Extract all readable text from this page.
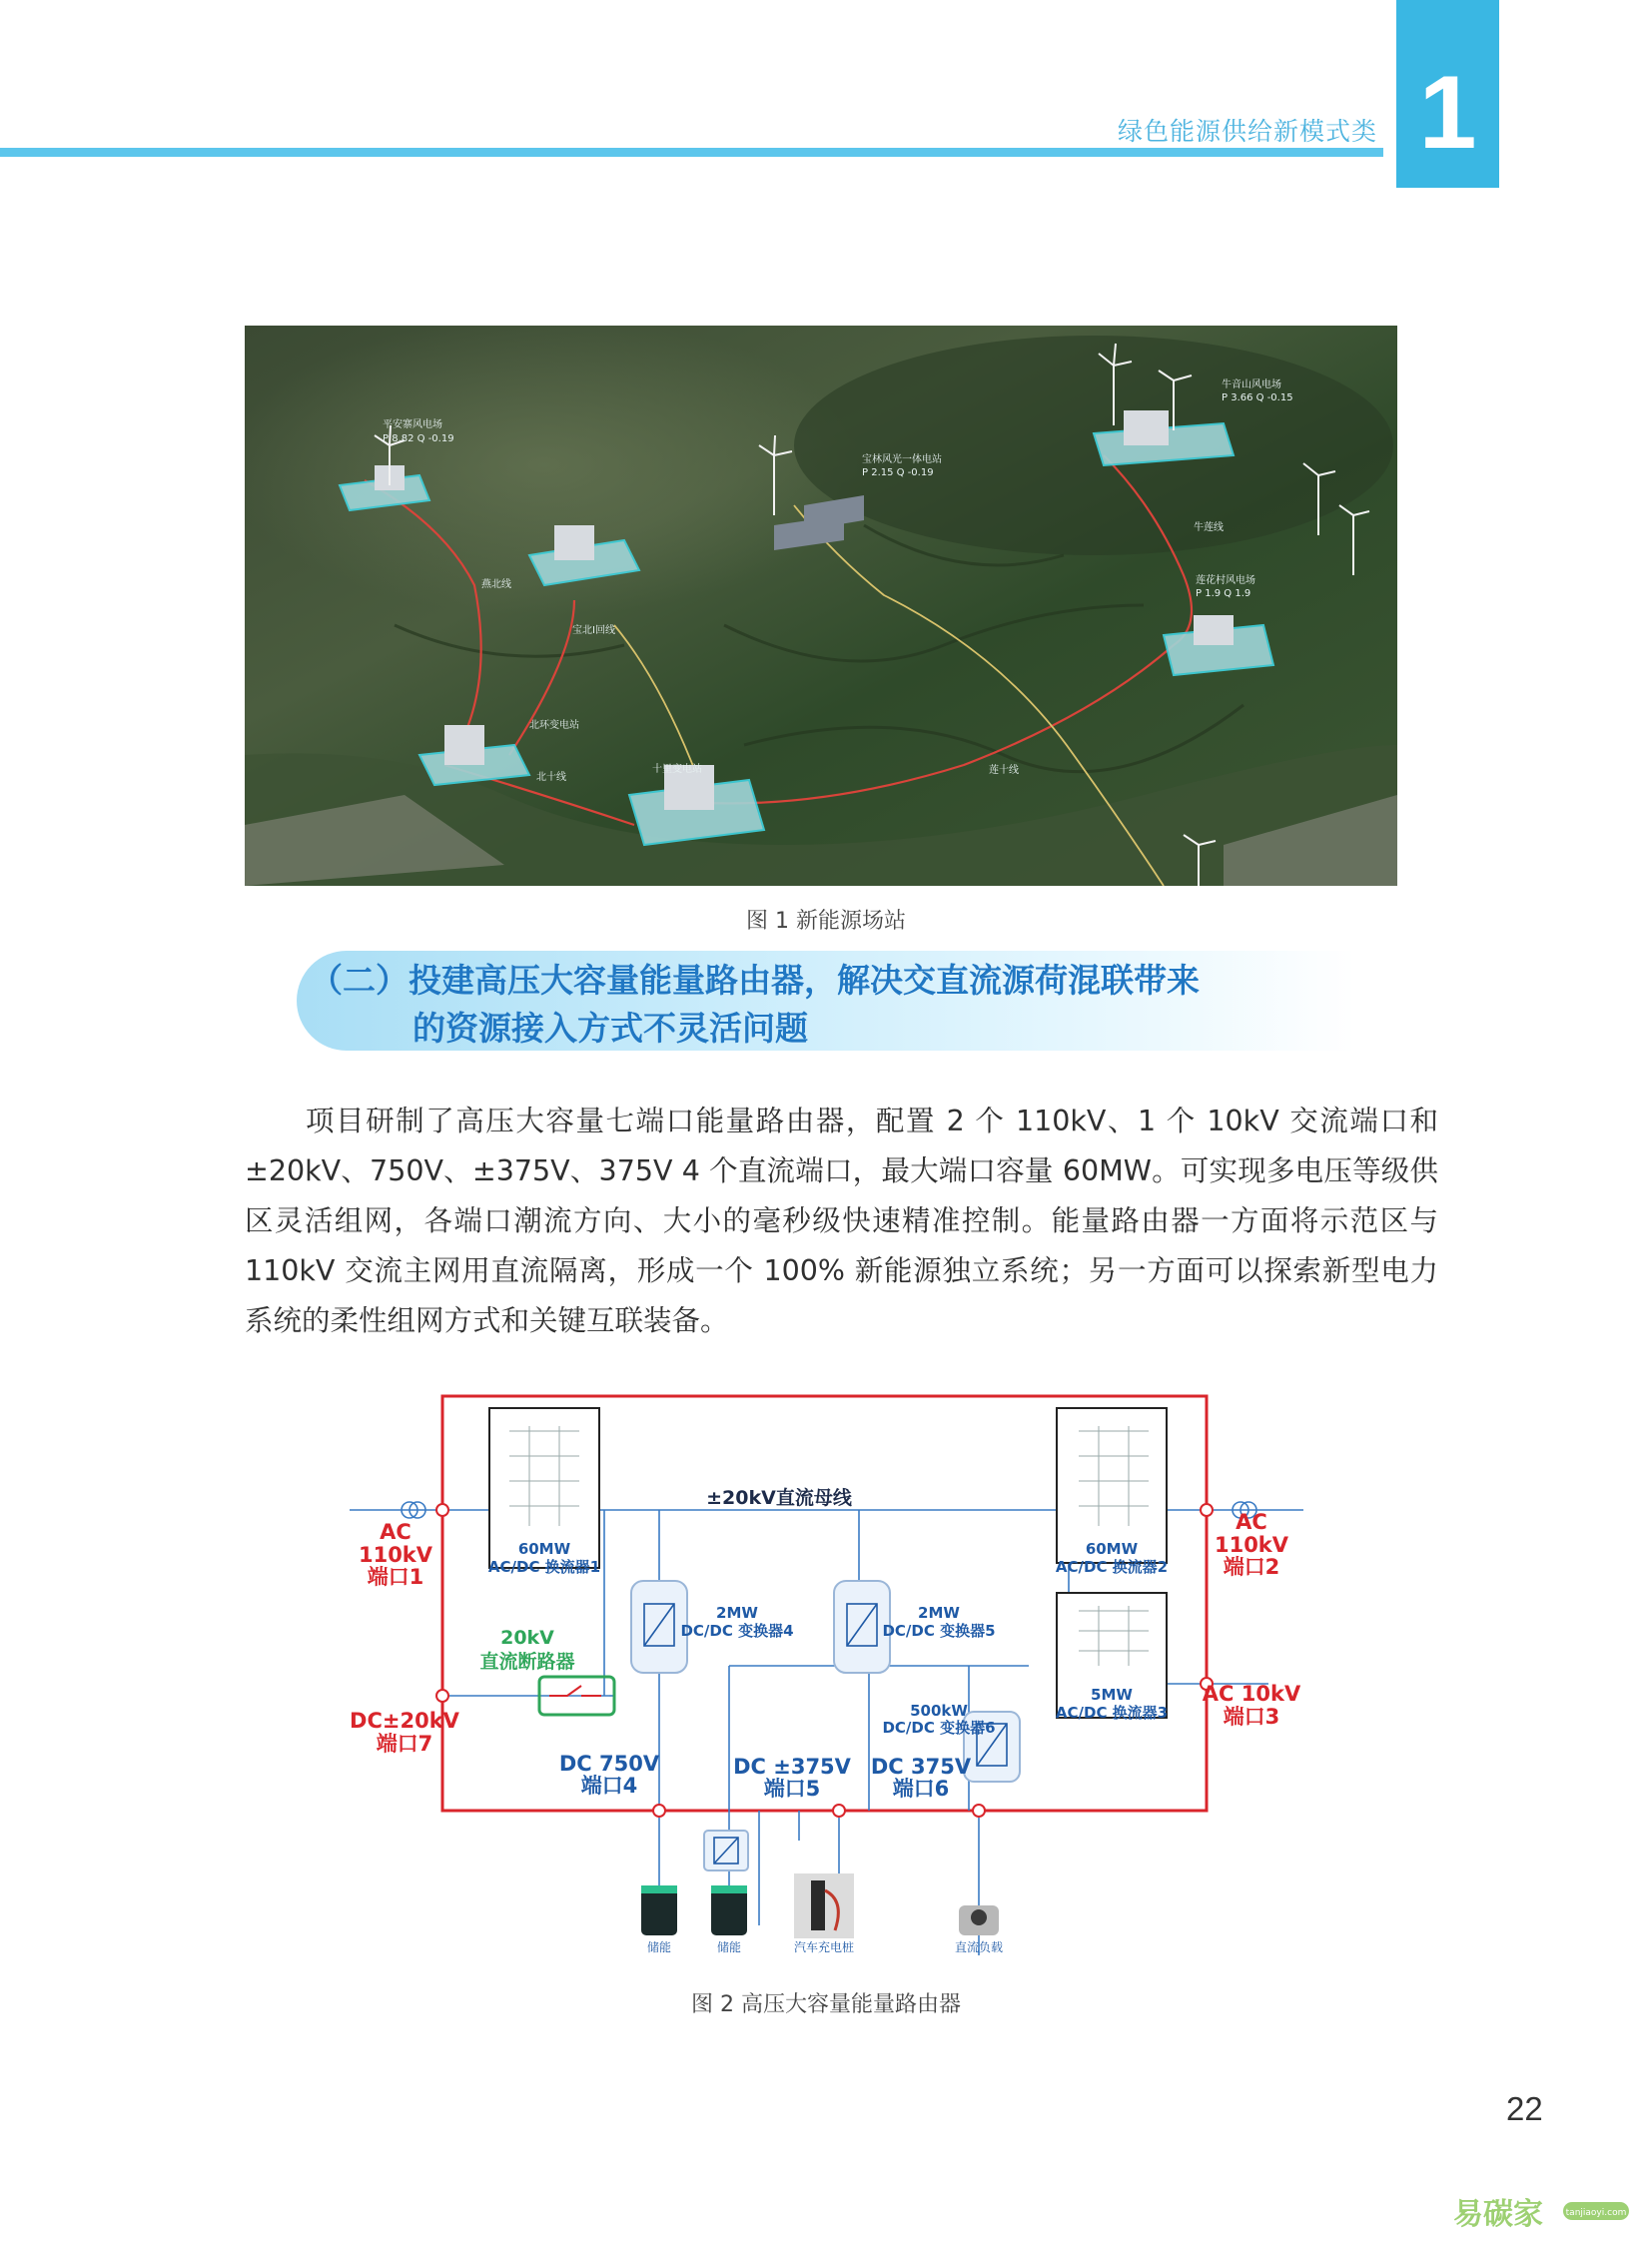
绿色能源供给新模式类 1
平安寨风电场
P 8.82 Q -0.19
宝林风光一体电站
P 2.15 Q -0.19
牛音山风电场
P 3.66 Q -0.15
莲花村风电场
P 1.9 Q 1.9
北环变电站
十里变电站
燕北线
宝北Ⅰ回线
牛莲线
北十线
莲十线
图 1 新能源场站
（二）投建高压大容量能量路由器，解决交直流源荷混联带来
的资源接入方式不灵活问题

项目研制了高压大容量七端口能量路由器，配置 2 个 110kV、1 个 10kV 交流端口和±20kV、750V、±375V、375V 4 个直流端口，最大端口容量 60MW。可实现多电压等级供区灵活组网，各端口潮流方向、大小的毫秒级快速精准控制。能量路由器一方面将示范区与 110kV 交流主网用直流隔离，形成一个 100% 新能源独立系统；另一方面可以探索新型电力系统的柔性组网方式和关键互联装备。

±20kV直流母线
60MW
AC/DC 换流器1
60MW
AC/DC 换流器2
5MW
AC/DC 换流器3
2MW
DC/DC 变换器4
2MW
DC/DC 变换器5
500kW
DC/DC 变换器6
20kV
直流断路器
AC
110kV
端口1
AC
110kV
端口2
AC 10kV
端口3
DC±20kV
端口7
DC 750V
端口4
DC ±375V
端口5
DC 375V
端口6
储能	储能	汽车充电桩	直流负载
图 2 高压大容量能量路由器
22
易碳家	tanjiaoyi.com
